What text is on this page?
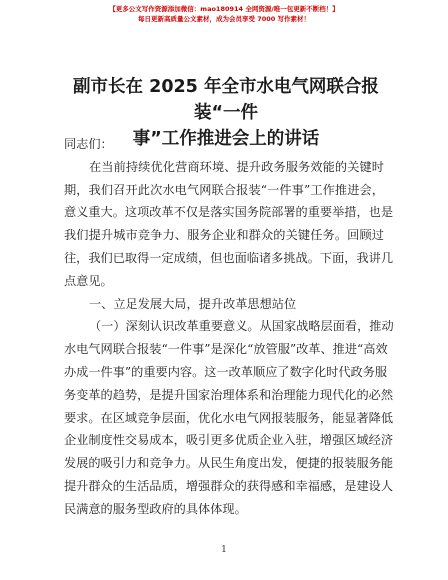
【更多公文写作资源添加微信：mao180914 全网资源/唯一包更新不断档！】
每日更新高质量公文素材，成为会员享受 7000 写作素材！
副市长在 2025 年全市水电气网联合报装“一件
事”工作推进会上的讲话
同志们：
在当前持续优化营商环境、提升政务服务效能的关键时
期，我们召开此次水电气网联合报装“一件事”工作推进会，
意义重大。这项改革不仅是落实国务院部署的重要举措，也是
我们提升城市竞争力、服务企业和群众的关键任务。回顾过
往，我们已取得一定成绩，但也面临诸多挑战。下面，我讲几
点意见。
一、立足发展大局，提升改革思想站位
（一）深刻认识改革重要意义。从国家战略层面看，推动
水电气网联合报装“一件事”是深化“放管服”改革、推进“高效
办成一件事”的重要内容。这一改革顺应了数字化时代政务服
务变革的趋势，是提升国家治理体系和治理能力现代化的必然
要求。在区域竞争层面，优化水电气网报装服务，能显著降低
企业制度性交易成本，吸引更多优质企业入驻，增强区域经济
发展的吸引力和竞争力。从民生角度出发，便捷的报装服务能
提升群众的生活品质，增强群众的获得感和幸福感，是建设人
民满意的服务型政府的具体体现。
1
